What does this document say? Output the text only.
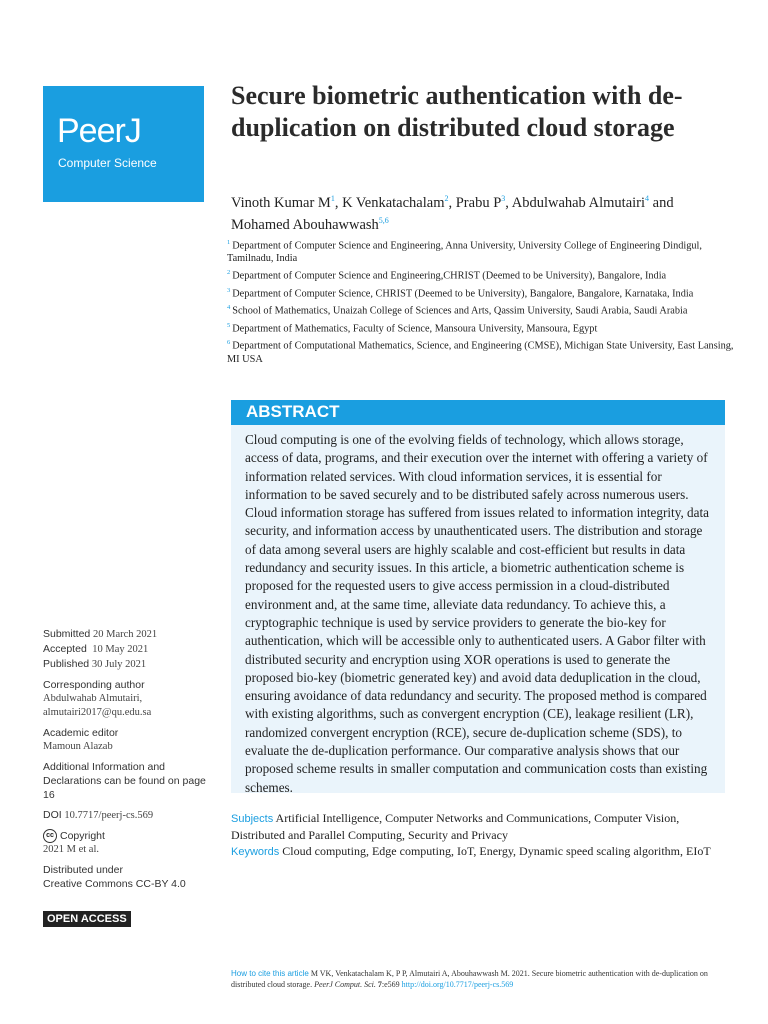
PeerJ
Computer Science
Secure biometric authentication with de-duplication on distributed cloud storage
Vinoth Kumar $M^1$, K Venkatachalam$^2$, Prabu $P^3$, Abdulwahab Almutairi$^4$ and Mohamed Abouhawwash$^{5,6}$
$^1$ Department of Computer Science and Engineering, Anna University, University College of Engineering Dindigul, Tamilnadu, India
$^2$ Department of Computer Science and Engineering,CHRIST (Deemed to be University), Bangalore, India
$^3$ Department of Computer Science, CHRIST (Deemed to be University), Bangalore, Bangalore, Karnataka, India
$^4$ School of Mathematics, Unaizah College of Sciences and Arts, Qassim University, Saudi Arabia, Saudi Arabia
$^5$ Department of Mathematics, Faculty of Science, Mansoura University, Mansoura, Egypt
$^6$ Department of Computational Mathematics, Science, and Engineering (CMSE), Michigan State University, East Lansing, MI USA
ABSTRACT
Cloud computing is one of the evolving fields of technology, which allows storage, access of data, programs, and their execution over the internet with offering a variety of information related services. With cloud information services, it is essential for information to be saved securely and to be distributed safely across numerous users. Cloud information storage has suffered from issues related to information integrity, data security, and information access by unauthenticated users. The distribution and storage of data among several users are highly scalable and cost-efficient but results in data redundancy and security issues. In this article, a biometric authentication scheme is proposed for the requested users to give access permission in a cloud-distributed environment and, at the same time, alleviate data redundancy. To achieve this, a cryptographic technique is used by service providers to generate the bio-key for authentication, which will be accessible only to authenticated users. A Gabor filter with distributed security and encryption using XOR operations is used to generate the proposed bio-key (biometric generated key) and avoid data deduplication in the cloud, ensuring avoidance of data redundancy and security. The proposed method is compared with existing algorithms, such as convergent encryption (CE), leakage resilient (LR), randomized convergent encryption (RCE), secure de-duplication scheme (SDS), to evaluate the de-duplication performance. Our comparative analysis shows that our proposed scheme results in smaller computation and communication costs than existing schemes.
Subjects Artificial Intelligence, Computer Networks and Communications, Computer Vision, Distributed and Parallel Computing, Security and Privacy
Keywords Cloud computing, Edge computing, IoT, Energy, Dynamic speed scaling algorithm, EIoT
Submitted 20 March 2021
Accepted 10 May 2021
Published 30 July 2021
Corresponding author
Abdulwahab Almutairi,
almutairi2017@qu.edu.sa
Academic editor
Mamoun Alazab
Additional Information and Declarations can be found on page 16
DOI 10.7717/peerj-cs.569
cc Copyright
2021 M et al.
Distributed under
Creative Commons CC-BY 4.0
OPEN ACCESS
How to cite this article M VK, Venkatachalam K, P P, Almutairi A, Abouhawwash M. 2021. Secure biometric authentication with de-duplication on distributed cloud storage. PeerJ Comput. Sci. 7:e569 http://doi.org/10.7717/peerj-cs.569
